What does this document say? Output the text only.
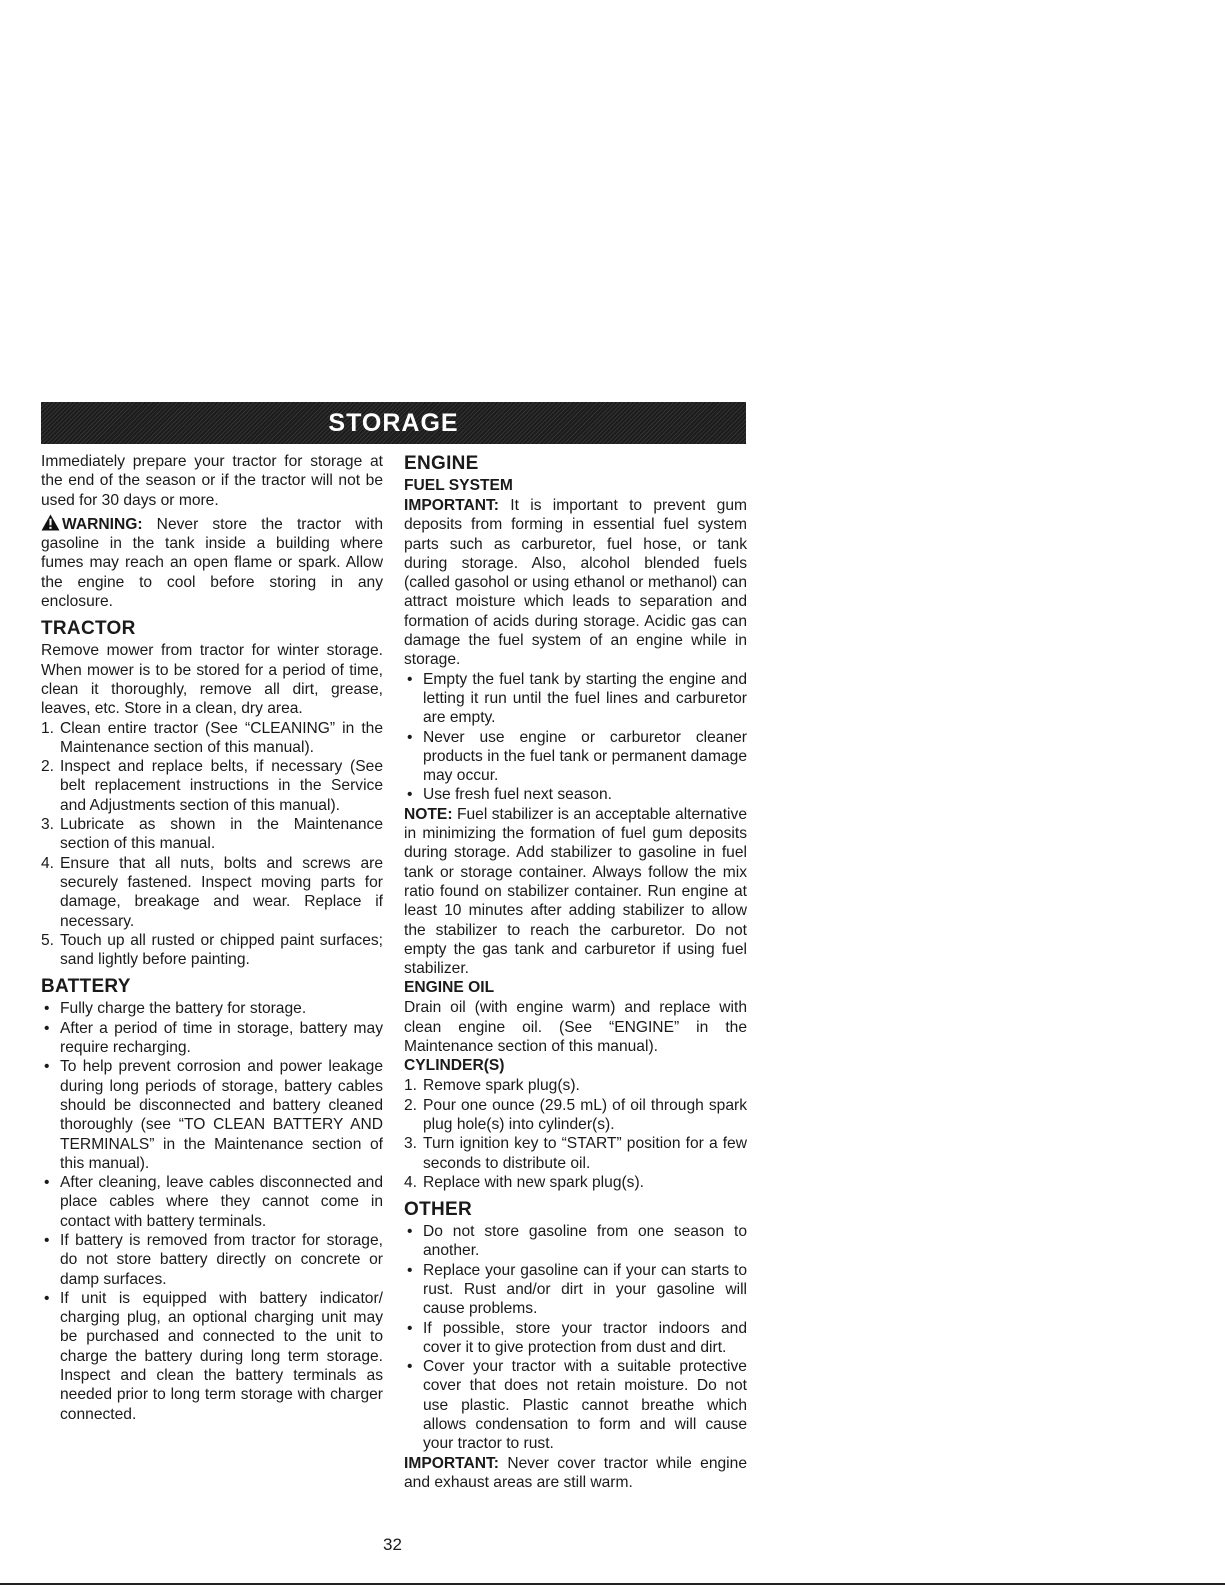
STORAGE

Immediately prepare your tractor for storage at the end of the season or if the tractor will not be used for 30 days or more.

WARNING: Never store the tractor with gasoline in the tank inside a building where fumes may reach an open flame or spark. Allow the engine to cool before storing in any enclosure.

TRACTOR

Remove mower from tractor for winter storage. When mower is to be stored for a period of time, clean it thoroughly, remove all dirt, grease, leaves, etc. Store in a clean, dry area.

1. Clean entire tractor (See “CLEANING” in the Maintenance section of this manual).
2. Inspect and replace belts, if necessary (See belt replacement instructions in the Service and Adjustments section of this manual).
3. Lubricate as shown in the Maintenance section of this manual.
4. Ensure that all nuts, bolts and screws are securely fastened. Inspect moving parts for damage, breakage and wear. Replace if necessary.
5. Touch up all rusted or chipped paint surfaces; sand lightly before painting.
BATTERY
• Fully charge the battery for storage.
• After a period of time in storage, battery may require recharging.
• To help prevent corrosion and power leakage during long periods of storage, battery cables should be disconnected and battery cleaned thoroughly (see “TO CLEAN BATTERY AND TERMINALS” in the Maintenance section of this manual).
• After cleaning, leave cables disconnected and place cables where they cannot come in contact with battery terminals.
• If battery is removed from tractor for storage, do not store battery directly on concrete or damp surfaces.
• If unit is equipped with battery indicator/ charging plug, an optional charging unit may be purchased and connected to the unit to charge the battery during long term storage. Inspect and clean the battery terminals as needed prior to long term storage with charger connected.
ENGINE
FUEL SYSTEM

IMPORTANT: It is important to prevent gum deposits from forming in essential fuel system parts such as carburetor, fuel hose, or tank during storage. Also, alcohol blended fuels (called gasohol or using ethanol or methanol) can attract moisture which leads to separation and formation of acids during storage. Acidic gas can damage the fuel system of an engine while in storage.

• Empty the fuel tank by starting the engine and letting it run until the fuel lines and carburetor are empty.
• Never use engine or carburetor cleaner products in the fuel tank or permanent damage may occur.
• Use fresh fuel next season.

NOTE: Fuel stabilizer is an acceptable alternative in minimizing the formation of fuel gum deposits during storage. Add stabilizer to gasoline in fuel tank or storage container. Always follow the mix ratio found on stabilizer container. Run engine at least 10 minutes after adding stabilizer to allow the stabilizer to reach the carburetor. Do not empty the gas tank and carburetor if using fuel stabilizer.

ENGINE OIL

Drain oil (with engine warm) and replace with clean engine oil. (See “ENGINE” in the Maintenance section of this manual).

CYLINDER(S)
1. Remove spark plug(s).
2. Pour one ounce (29.5 mL) of oil through spark plug hole(s) into cylinder(s).
3. Turn ignition key to “START” position for a few seconds to distribute oil.
4. Replace with new spark plug(s).
OTHER
• Do not store gasoline from one season to another.
• Replace your gasoline can if your can starts to rust. Rust and/or dirt in your gasoline will cause problems.
• If possible, store your tractor indoors and cover it to give protection from dust and dirt.
• Cover your tractor with a suitable protective cover that does not retain moisture. Do not use plastic. Plastic cannot breathe which allows condensation to form and will cause your tractor to rust.

IMPORTANT: Never cover tractor while engine and exhaust areas are still warm.

32
